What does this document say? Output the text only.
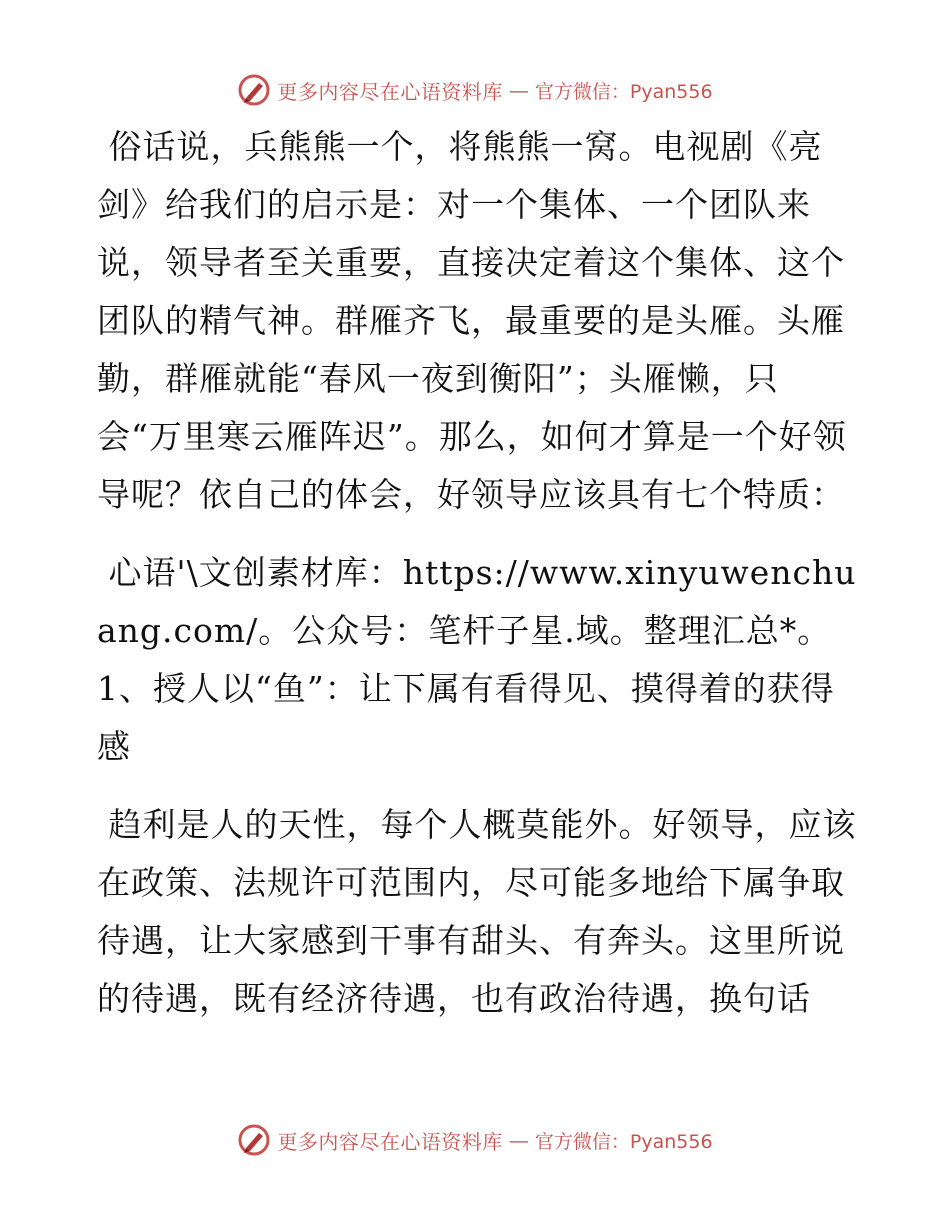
更多内容尽在心语资料库 — 官方微信：Pyan556

俗话说，兵熊熊一个，将熊熊一窝。电视剧《亮剑》给我们的启示是：对一个集体、一个团队来说，领导者至关重要，直接决定着这个集体、这个团队的精气神。群雁齐飞，最重要的是头雁。头雁勤，群雁就能“春风一夜到衡阳”；头雁懒，只会“万里寒云雁阵迟”。那么，如何才算是一个好领导呢？依自己的体会，好领导应该具有七个特质：

心语'\文创素材库：https://www.xinyuwenchuang.com/。公众号：笔杆子星.域。整理汇总*。1、授人以“鱼”：让下属有看得见、摸得着的获得感

趋利是人的天性，每个人概莫能外。好领导，应该在政策、法规许可范围内，尽可能多地给下属争取待遇，让大家感到干事有甜头、有奔头。这里所说的待遇，既有经济待遇，也有政治待遇，换句话

更多内容尽在心语资料库 — 官方微信：Pyan556
